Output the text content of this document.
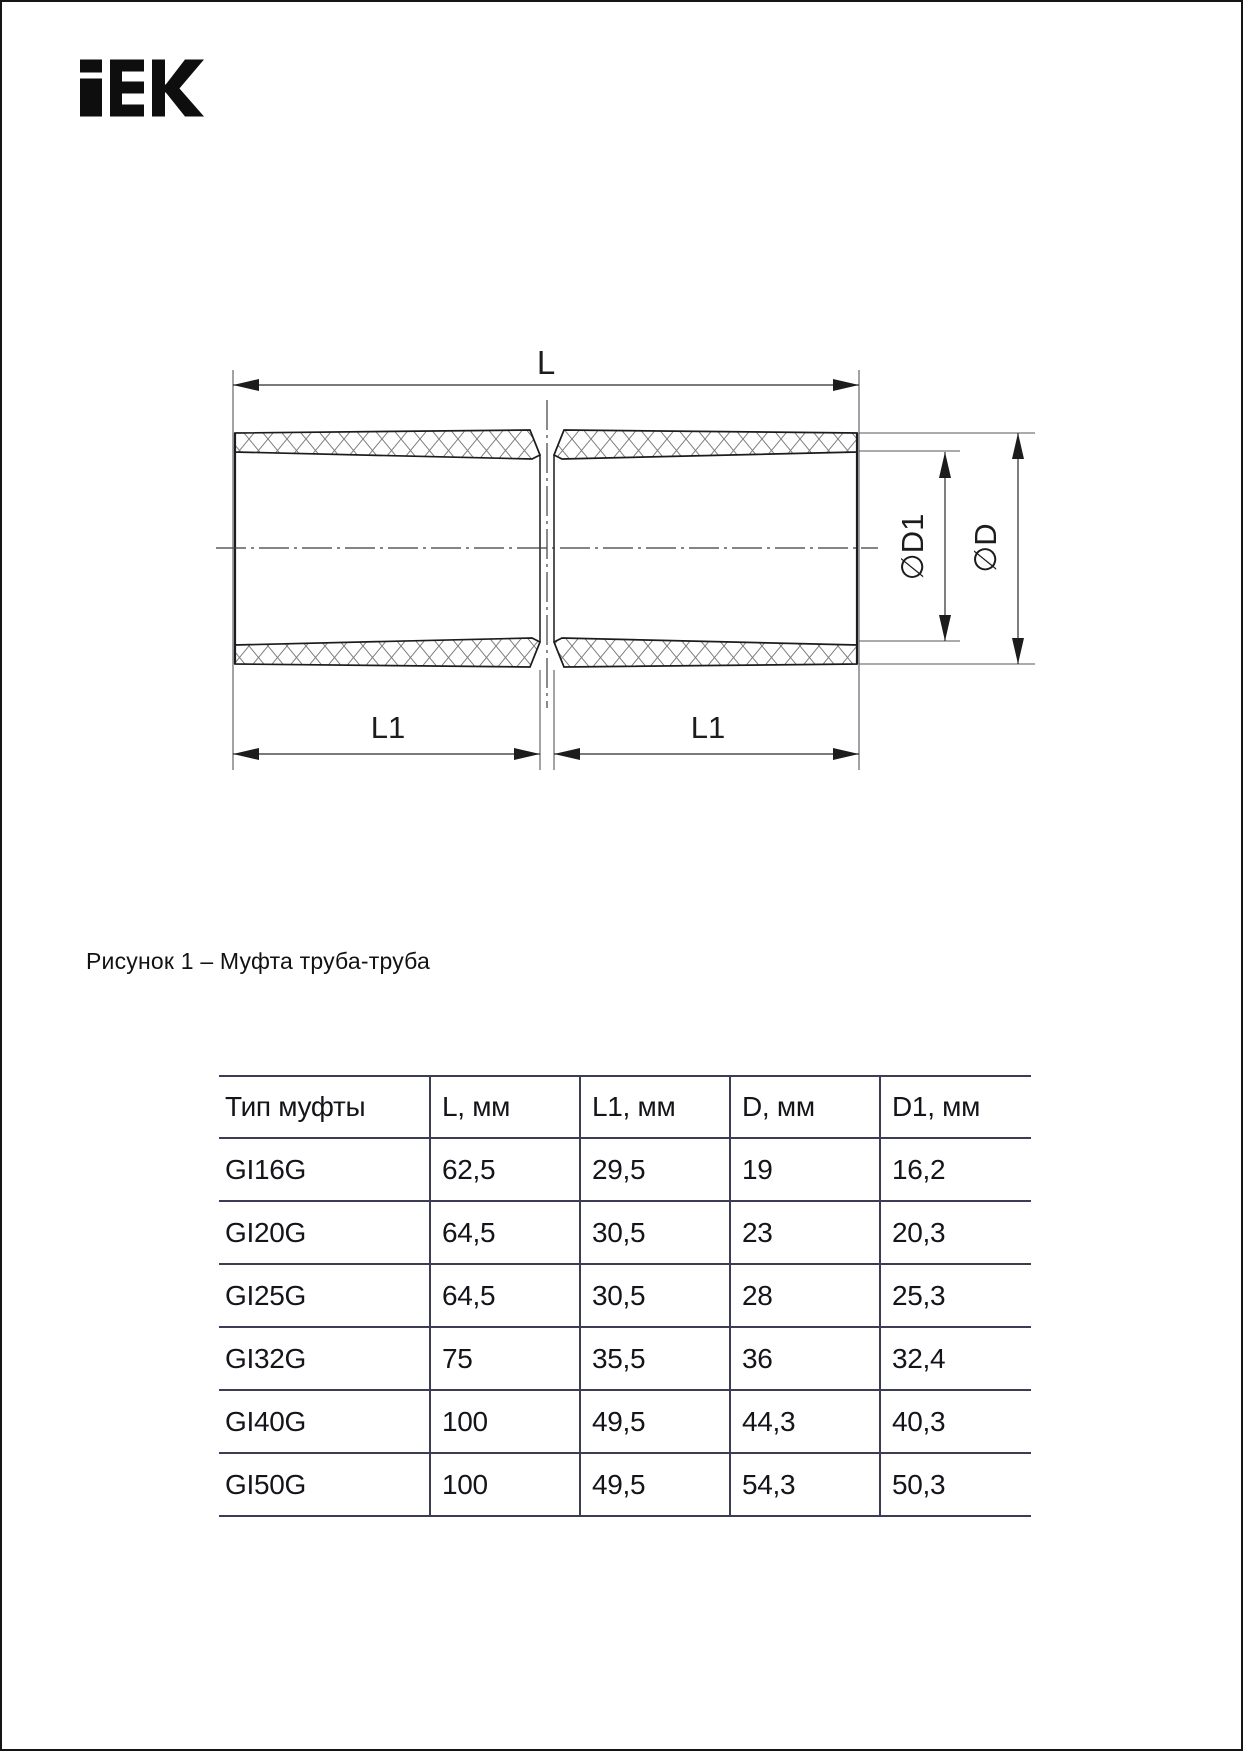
L
L1	L1
∅D1 ∅D
Рисунок 1 – Муфта труба-труба
Тип муфты	L, мм	L1, мм	D, мм	D1, мм
GI16G	62,5	29,5	19	16,2
GI20G	64,5	30,5	23	20,3
GI25G	64,5	30,5	28	25,3
GI32G	75	35,5	36	32,4
GI40G	100	49,5	44,3	40,3
GI50G	100	49,5	54,3	50,3
